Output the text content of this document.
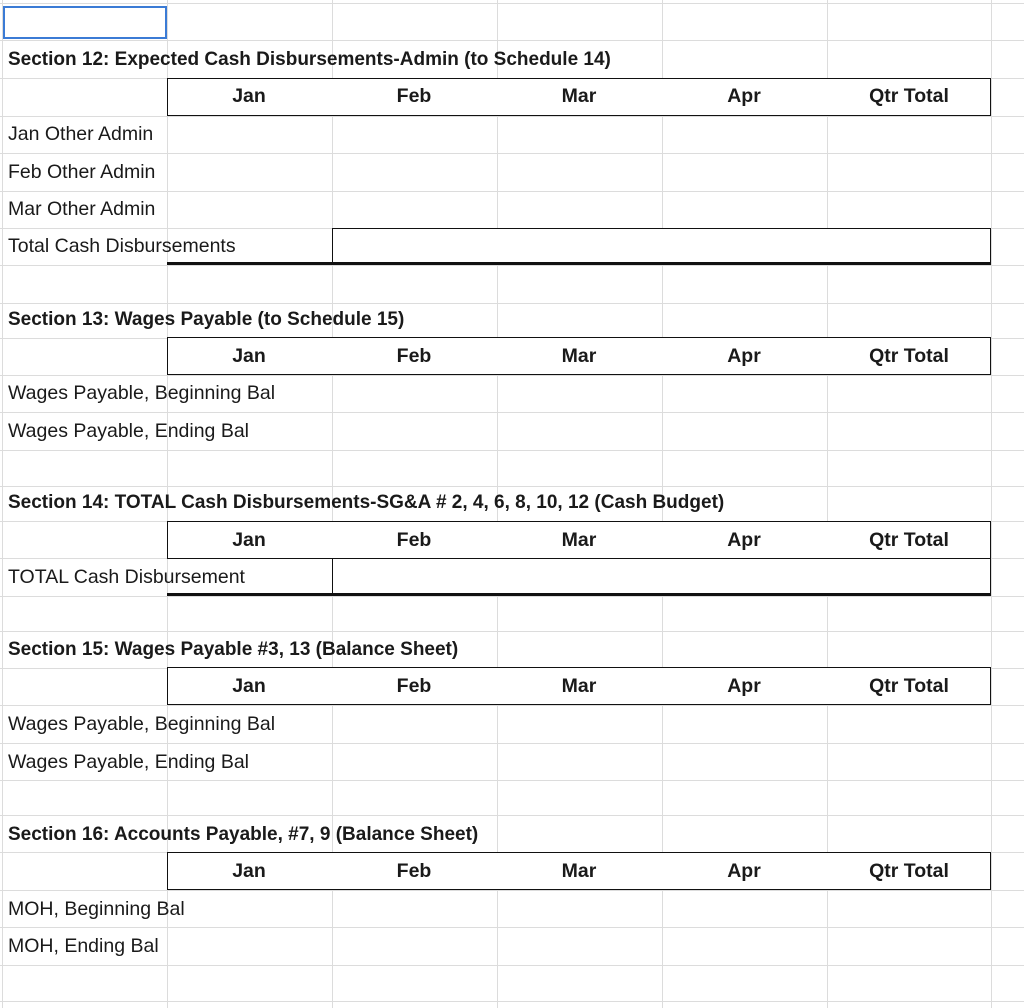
Section 12: Expected Cash Disbursements-Admin (to Schedule 14)
Jan	Feb	Mar	Apr	Qtr Total
Jan Other Admin
Feb Other Admin
Mar Other Admin
Total Cash Disbursements
Section 13: Wages Payable (to Schedule 15)
Jan	Feb	Mar	Apr	Qtr Total
Wages Payable, Beginning Bal
Wages Payable, Ending Bal
Section 14: TOTAL Cash Disbursements-SG&A # 2, 4, 6, 8, 10, 12 (Cash Budget)
Jan	Feb	Mar	Apr	Qtr Total
TOTAL Cash Disbursement
Section 15: Wages Payable #3, 13 (Balance Sheet)
Jan	Feb	Mar	Apr	Qtr Total
Wages Payable, Beginning Bal
Wages Payable, Ending Bal
Section 16: Accounts Payable, #7, 9 (Balance Sheet)
Jan	Feb	Mar	Apr	Qtr Total
MOH, Beginning Bal
MOH, Ending Bal
